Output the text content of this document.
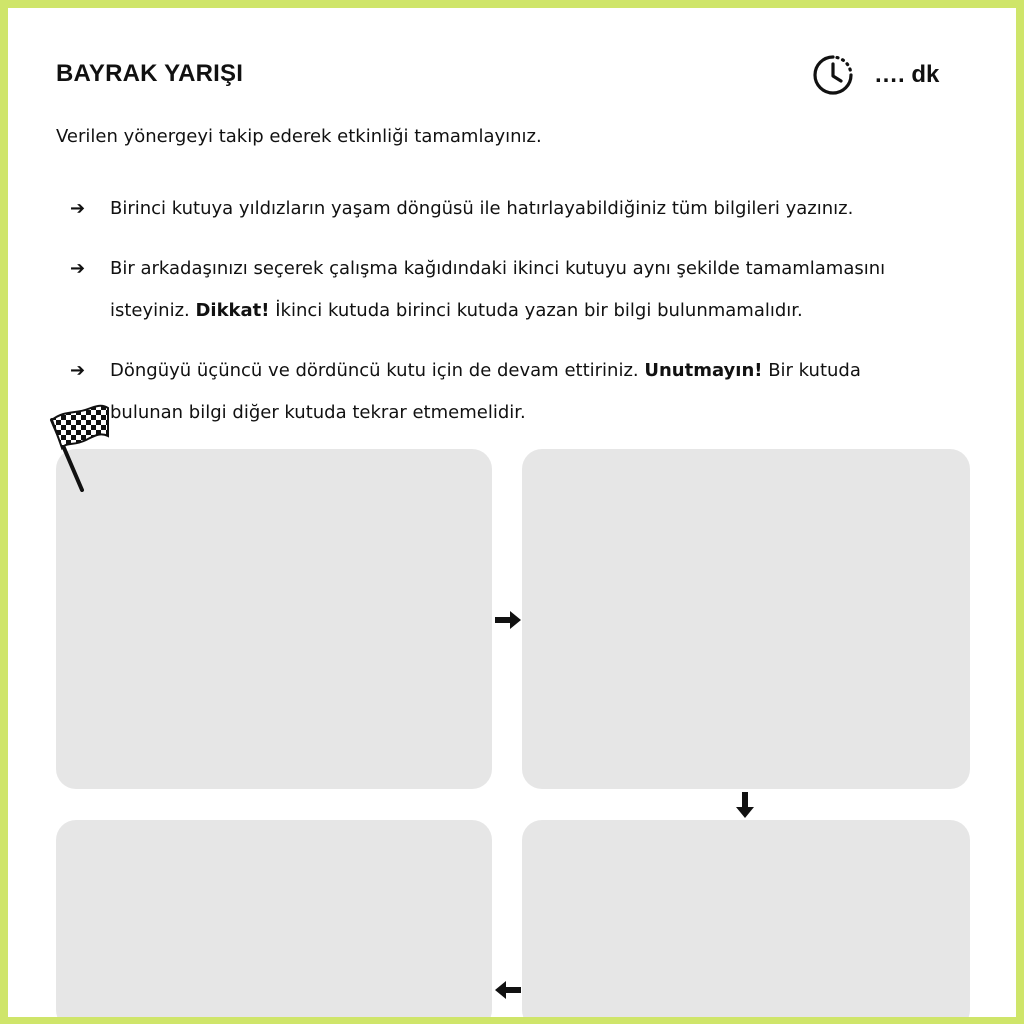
BAYRAK YARIŞI	…. dk

Verilen yönergeyi takip ederek etkinliği tamamlayınız.

➔	Birinci kutuya yıldızların yaşam döngüsü ile hatırlayabildiğiniz tüm bilgileri yazınız.
➔	Bir arkadaşınızı seçerek çalışma kağıdındaki ikinci kutuyu aynı şekilde tamamlamasını isteyiniz. Dikkat! İkinci kutuda birinci kutuda yazan bir bilgi bulunmamalıdır.
➔	Döngüyü üçüncü ve dördüncü kutu için de devam ettiriniz. Unutmayın! Bir kutuda bulunan bilgi diğer kutuda tekrar etmemelidir.
